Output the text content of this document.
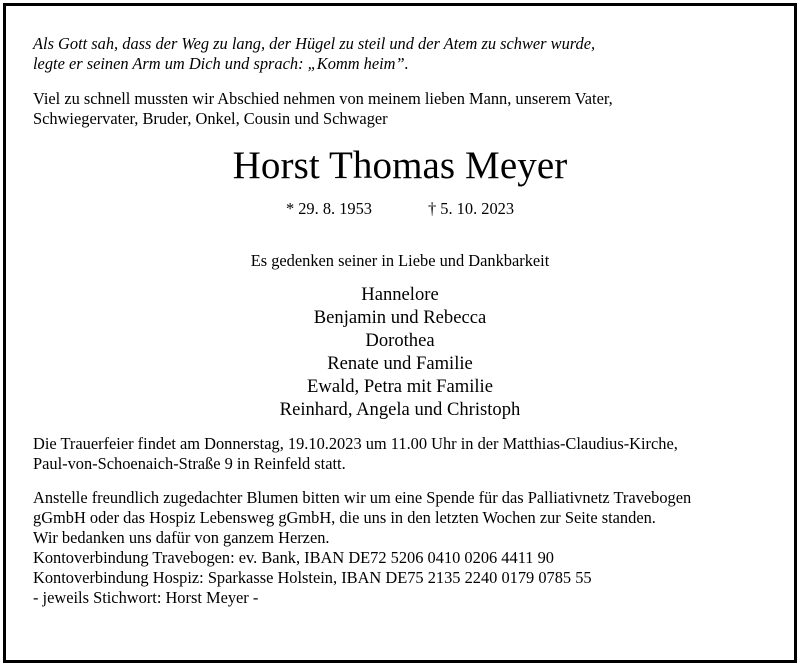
Als Gott sah, dass der Weg zu lang, der Hügel zu steil und der Atem zu schwer wurde,
legte er seinen Arm um Dich und sprach: „Komm heim”.
Viel zu schnell mussten wir Abschied nehmen von meinem lieben Mann, unserem Vater,
Schwiegervater, Bruder, Onkel, Cousin und Schwager
Horst Thomas Meyer
* 29. 8. 1953	† 5. 10. 2023
Es gedenken seiner in Liebe und Dankbarkeit
Hannelore
Benjamin und Rebecca
Dorothea
Renate und Familie
Ewald, Petra mit Familie
Reinhard, Angela und Christoph
Die Trauerfeier findet am Donnerstag, 19.10.2023 um 11.00 Uhr in der Matthias-Claudius-Kirche,
Paul-von-Schoenaich-Straße 9 in Reinfeld statt.
Anstelle freundlich zugedachter Blumen bitten wir um eine Spende für das Palliativnetz Travebogen
gGmbH oder das Hospiz Lebensweg gGmbH, die uns in den letzten Wochen zur Seite standen.
Wir bedanken uns dafür von ganzem Herzen.
Kontoverbindung Travebogen: ev. Bank, IBAN DE72 5206 0410 0206 4411 90
Kontoverbindung Hospiz: Sparkasse Holstein, IBAN DE75 2135 2240 0179 0785 55
- jeweils Stichwort: Horst Meyer -
